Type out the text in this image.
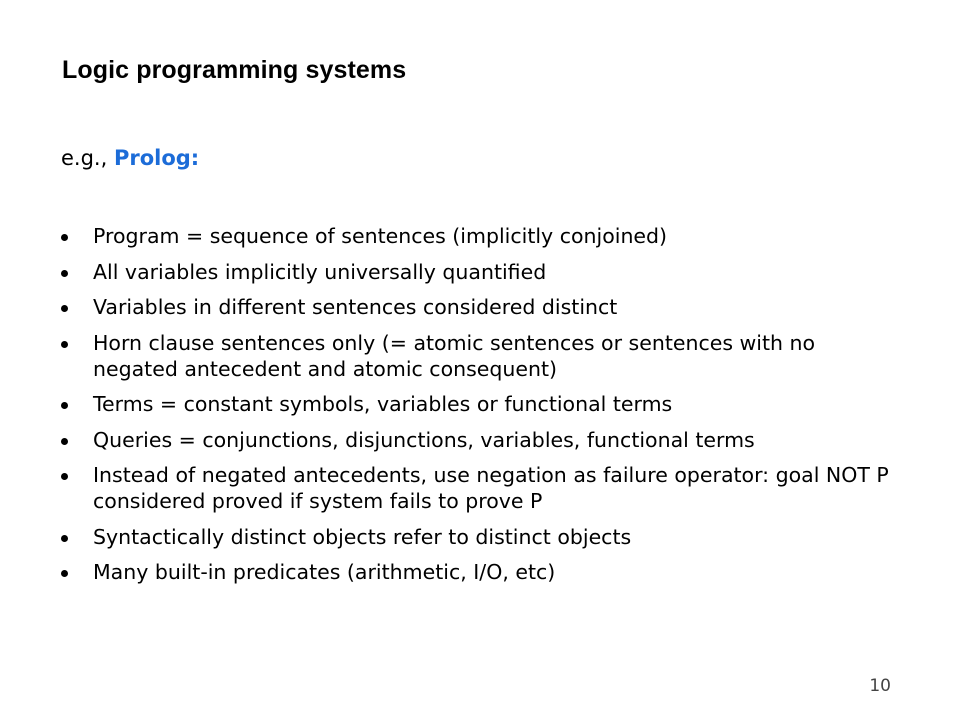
Logic programming systems
e.g., Prolog:
Program = sequence of sentences (implicitly conjoined)
All variables implicitly universally quantified
Variables in different sentences considered distinct
Horn clause sentences only (= atomic sentences or sentences with no negated antecedent and atomic consequent)
Terms = constant symbols, variables or functional terms
Queries = conjunctions, disjunctions, variables, functional terms
Instead of negated antecedents, use negation as failure operator: goal NOT P considered proved if system fails to prove P
Syntactically distinct objects refer to distinct objects
Many built-in predicates (arithmetic, I/O, etc)
10
